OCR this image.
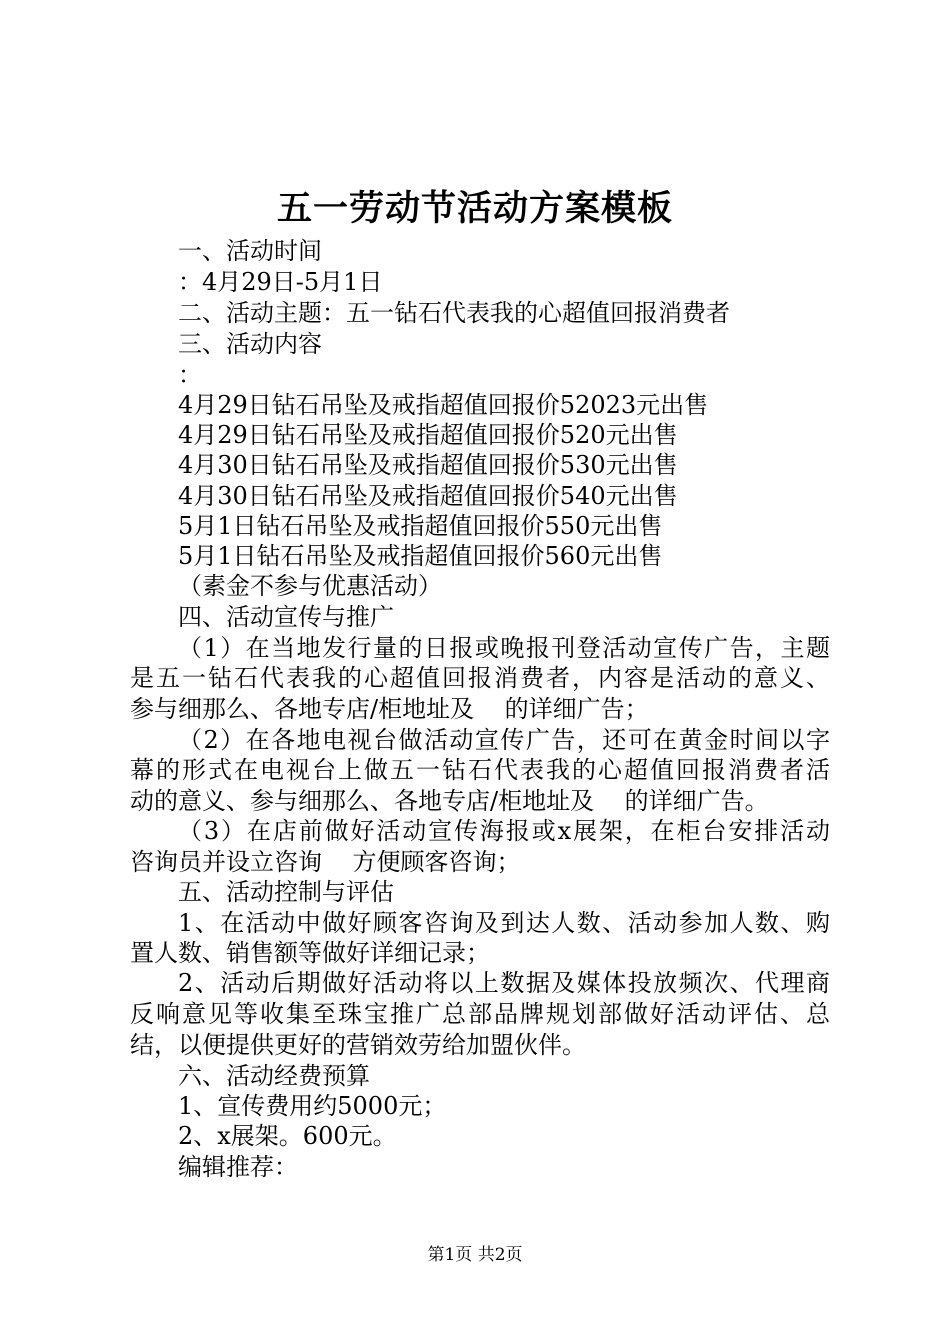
五一劳动节活动方案模板
一、活动时间
：4月29日-5月1日
二、活动主题：五一钻石代表我的心超值回报消费者
三、活动内容
：
4月29日钻石吊坠及戒指超值回报价52023元出售
4月29日钻石吊坠及戒指超值回报价520元出售
4月30日钻石吊坠及戒指超值回报价530元出售
4月30日钻石吊坠及戒指超值回报价540元出售
5月1日钻石吊坠及戒指超值回报价550元出售
5月1日钻石吊坠及戒指超值回报价560元出售
（素金不参与优惠活动）
四、活动宣传与推广
（1）在当地发行量的日报或晚报刊登活动宣传广告，主题
是五一钻石代表我的心超值回报消费者，内容是活动的意义、
参与细那么、各地专店/柜地址及    的详细广告；
（2）在各地电视台做活动宣传广告，还可在黄金时间以字
幕的形式在电视台上做五一钻石代表我的心超值回报消费者活
动的意义、参与细那么、各地专店/柜地址及    的详细广告。
（3）在店前做好活动宣传海报或x展架，在柜台安排活动
咨询员并设立咨询    方便顾客咨询；
五、活动控制与评估
1、在活动中做好顾客咨询及到达人数、活动参加人数、购
置人数、销售额等做好详细记录；
2、活动后期做好活动将以上数据及媒体投放频次、代理商
反响意见等收集至珠宝推广总部品牌规划部做好活动评估、总
结，以便提供更好的营销效劳给加盟伙伴。
六、活动经费预算
1、宣传费用约5000元；
2、x展架。600元。
编辑推荐：
第1页 共2页
